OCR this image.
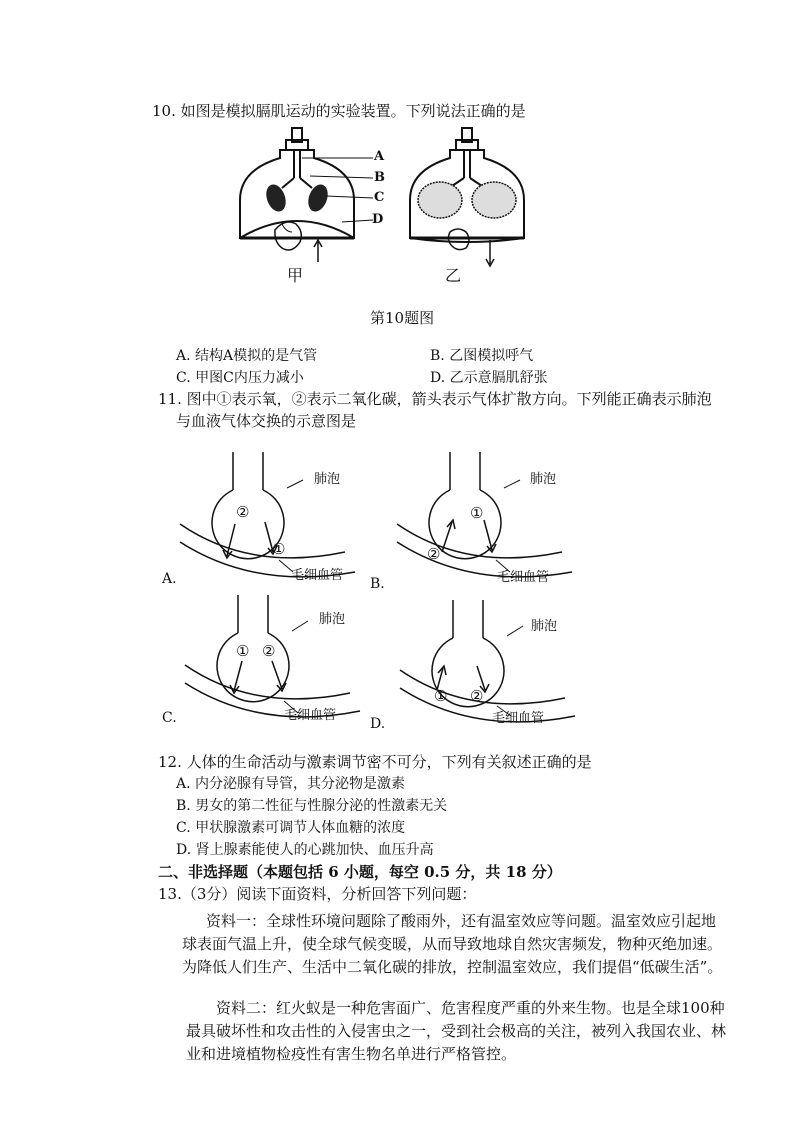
10. 如图是模拟膈肌运动的实验装置。下列说法正确的是
A
B
C
D
甲	乙
第10题图
A. 结构A模拟的是气管	B. 乙图模拟呼气
C. 甲图C内压力减小	D. 乙示意膈肌舒张
11. 图中①表示氧，②表示二氧化碳，箭头表示气体扩散方向。下列能正确表示肺泡
与血液气体交换的示意图是
②
①
肺泡
毛细血管
A.
①
②
肺泡
毛细血管
B.
① ②
肺泡
毛细血管
C.
① ②
肺泡
毛细血管
D.
12. 人体的生命活动与激素调节密不可分，下列有关叙述正确的是
A. 内分泌腺有导管，其分泌物是激素
B. 男女的第二性征与性腺分泌的性激素无关
C. 甲状腺激素可调节人体血糖的浓度
D. 肾上腺素能使人的心跳加快、血压升高
二、非选择题（本题包括 6 小题，每空 0.5 分，共 18 分）
13.（3分）阅读下面资料，分析回答下列问题：
资料一：全球性环境问题除了酸雨外，还有温室效应等问题。温室效应引起地
球表面气温上升，使全球气候变暖，从而导致地球自然灾害频发，物种灭绝加速。
为降低人们生产、生活中二氧化碳的排放，控制温室效应，我们提倡“低碳生活”。
资料二：红火蚁是一种危害面广、危害程度严重的外来生物。也是全球100种
最具破坏性和攻击性的入侵害虫之一，受到社会极高的关注，被列入我国农业、林
业和进境植物检疫性有害生物名单进行严格管控。
